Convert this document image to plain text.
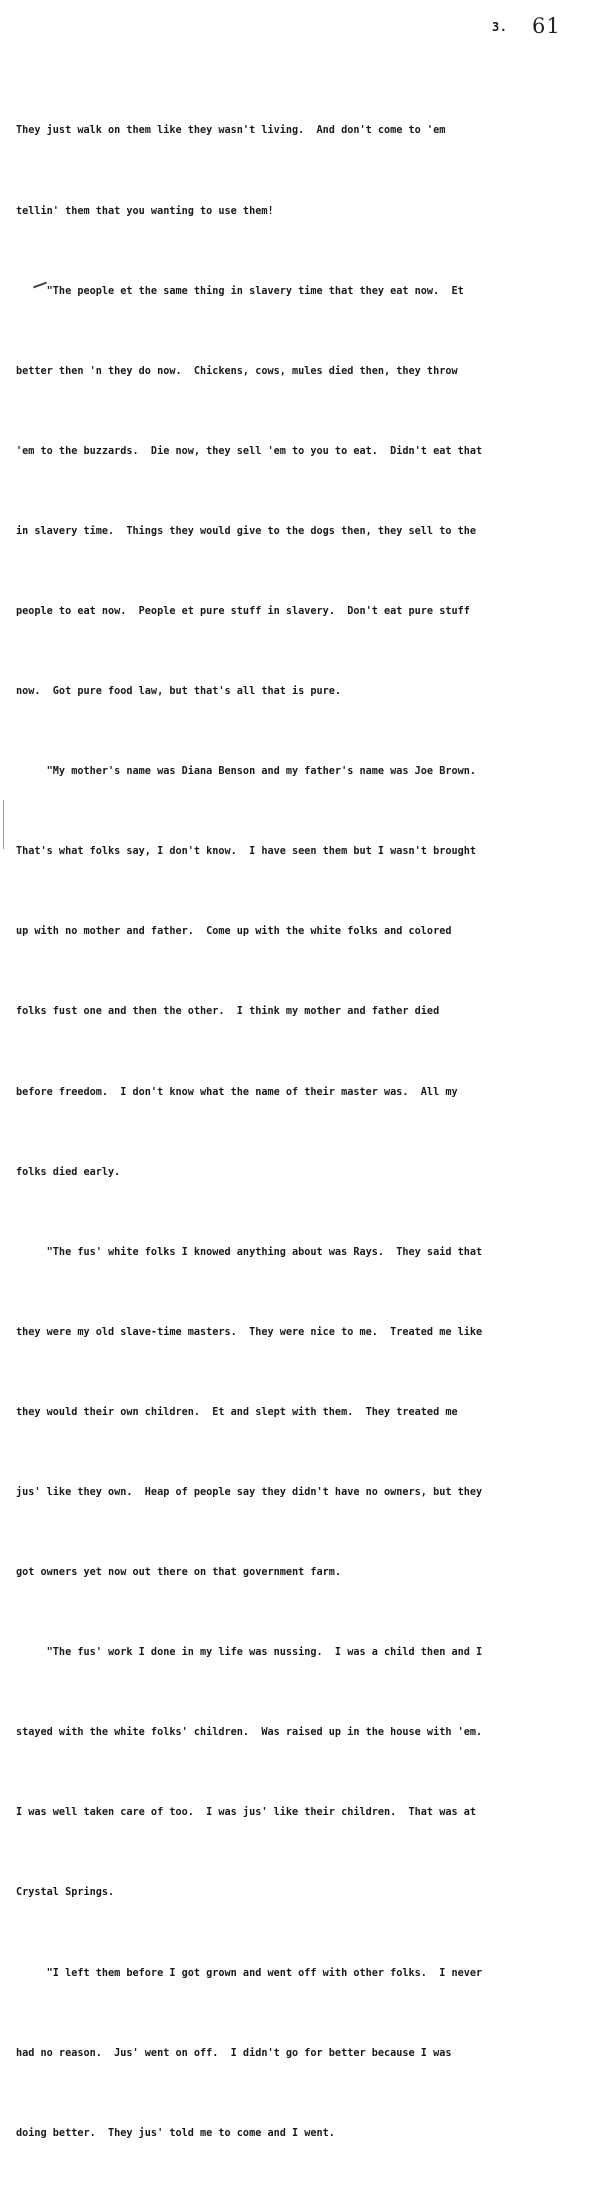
3. 61

They just walk on them like they wasn't living.  And don't come to 'em

tellin' them that you wanting to use them!

"The people et the same thing in slavery time that they eat now.  Et

better then 'n they do now.  Chickens, cows, mules died then, they throw

'em to the buzzards.  Die now, they sell 'em to you to eat.  Didn't eat that

in slavery time.  Things they would give to the dogs then, they sell to the

people to eat now.  People et pure stuff in slavery.  Don't eat pure stuff

now.  Got pure food law, but that's all that is pure.

"My mother's name was Diana Benson and my father's name was Joe Brown.

That's what folks say, I don't know.  I have seen them but I wasn't brought

up with no mother and father.  Come up with the white folks and colored

folks fust one and then the other.  I think my mother and father died

before freedom.  I don't know what the name of their master was.  All my

folks died early.

"The fus' white folks I knowed anything about was Rays.  They said that

they were my old slave-time masters.  They were nice to me.  Treated me like

they would their own children.  Et and slept with them.  They treated me

jus' like they own.  Heap of people say they didn't have no owners, but they

got owners yet now out there on that government farm.

"The fus' work I done in my life was nussing.  I was a child then and I

stayed with the white folks' children.  Was raised up in the house with 'em.

I was well taken care of too.  I was jus' like their children.  That was at

Crystal Springs.

"I left them before I got grown and went off with other folks.  I never

had no reason.  Jus' went on off.  I didn't go for better because I was

doing better.  They jus' told me to come and I went.
